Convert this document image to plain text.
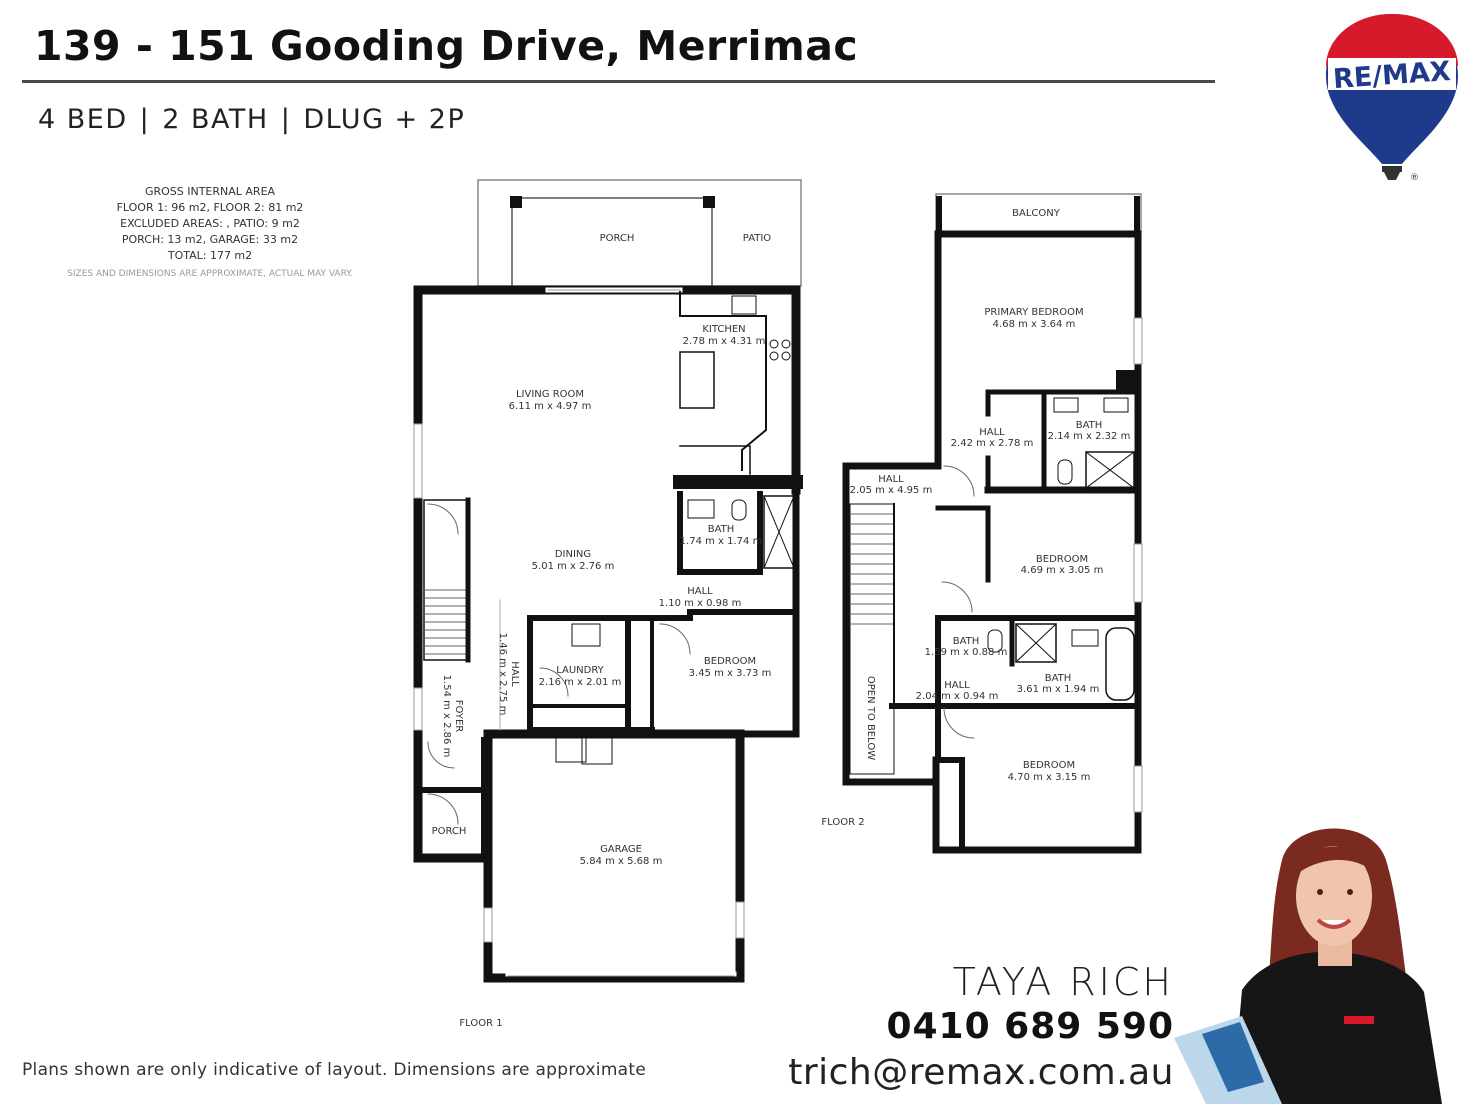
139 - 151 Gooding Drive, Merrimac
4 BED | 2 BATH | DLUG + 2P
GROSS INTERNAL AREA
FLOOR 1: 96 m2, FLOOR 2: 81 m2
EXCLUDED AREAS: , PATIO: 9 m2
PORCH: 13 m2, GARAGE: 33 m2
TOTAL: 177 m2
SIZES AND DIMENSIONS ARE APPROXIMATE, ACTUAL MAY VARY.
RE/MAX
®
PORCH	PATIO
KITCHEN
2.78 m x 4.31 m
LIVING ROOM
6.11 m x 4.97 m
DINING
5.01 m x 2.76 m
BATH
1.74 m x 1.74 m
HALL
1.10 m x 0.98 m
LAUNDRY
2.16 m x 2.01 m
BEDROOM
3.45 m x 3.73 m
PORCH
GARAGE
5.84 m x 5.68 m
FLOOR 1
HALL
1.46 m x 2.75 m
FOYER
1.54 m x 2.86 m
BALCONY
PRIMARY BEDROOM
4.68 m x 3.64 m
HALL
2.42 m x 2.78 m
BATH
2.14 m x 2.32 m
HALL
2.05 m x 4.95 m
BEDROOM
4.69 m x 3.05 m
BATH
1.59 m x 0.88 m
BATH
3.61 m x 1.94 m
HALL
2.04 m x 0.94 m
BEDROOM
4.70 m x 3.15 m
FLOOR 2
OPEN TO BELOW
TAYA RICH
0410 689 590
trich@remax.com.au
Plans shown are only indicative of layout. Dimensions are approximate
